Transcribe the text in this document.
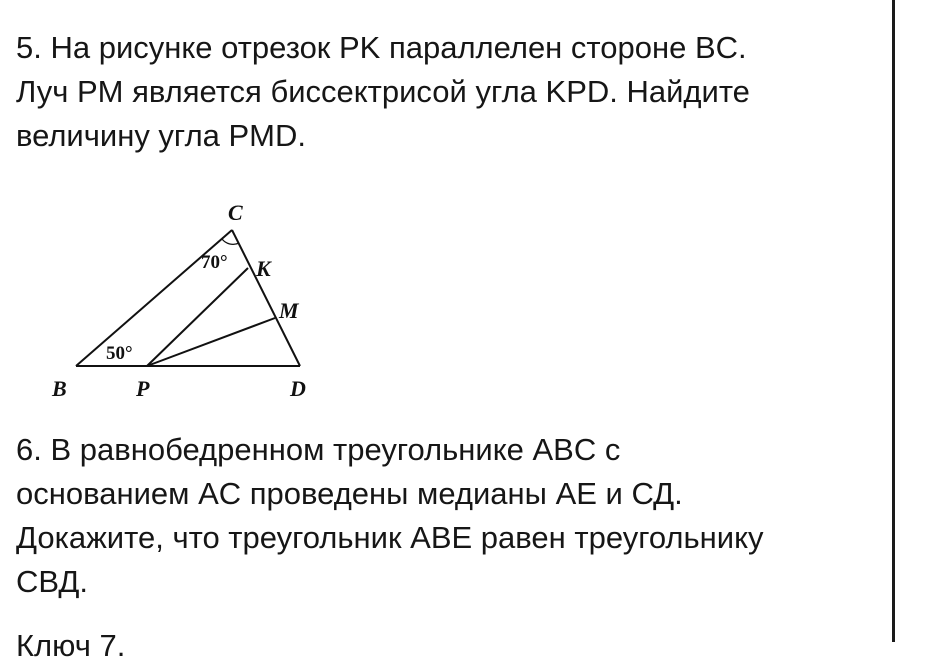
5. На рисунке отрезок PK параллелен стороне BC.
Луч PM является биссектрисой угла KPD. Найдите
величину угла PMD.
C
K
M
B	P	D
70°
50°
6. В равнобедренном треугольнике ABC с
основанием AC проведены медианы AE и СД.
Докажите, что треугольник ABE равен треугольнику
СВД.
Ключ 7.
